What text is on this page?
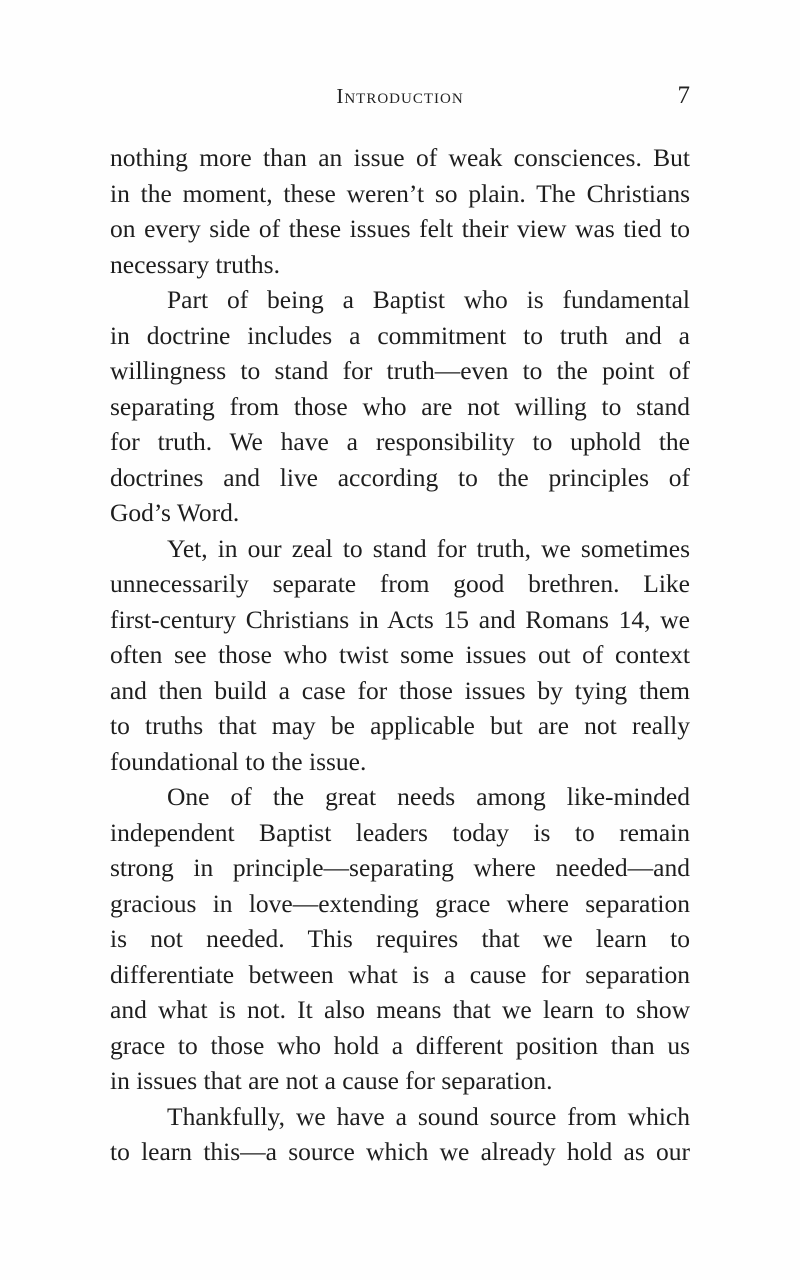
Introduction	7
nothing more than an issue of weak consciences. But
in the moment, these weren’t so plain. The Christians
on every side of these issues felt their view was tied to
necessary truths.
Part of being a Baptist who is fundamental
in doctrine includes a commitment to truth and a
willingness to stand for truth—even to the point of
separating from those who are not willing to stand
for truth. We have a responsibility to uphold the
doctrines and live according to the principles of
God’s Word.
Yet, in our zeal to stand for truth, we sometimes
unnecessarily separate from good brethren. Like
first-century Christians in Acts 15 and Romans 14, we
often see those who twist some issues out of context
and then build a case for those issues by tying them
to truths that may be applicable but are not really
foundational to the issue.
One of the great needs among like-minded
independent Baptist leaders today is to remain
strong in principle—separating where needed—and
gracious in love—extending grace where separation
is not needed. This requires that we learn to
differentiate between what is a cause for separation
and what is not. It also means that we learn to show
grace to those who hold a different position than us
in issues that are not a cause for separation.
Thankfully, we have a sound source from which
to learn this—a source which we already hold as our
